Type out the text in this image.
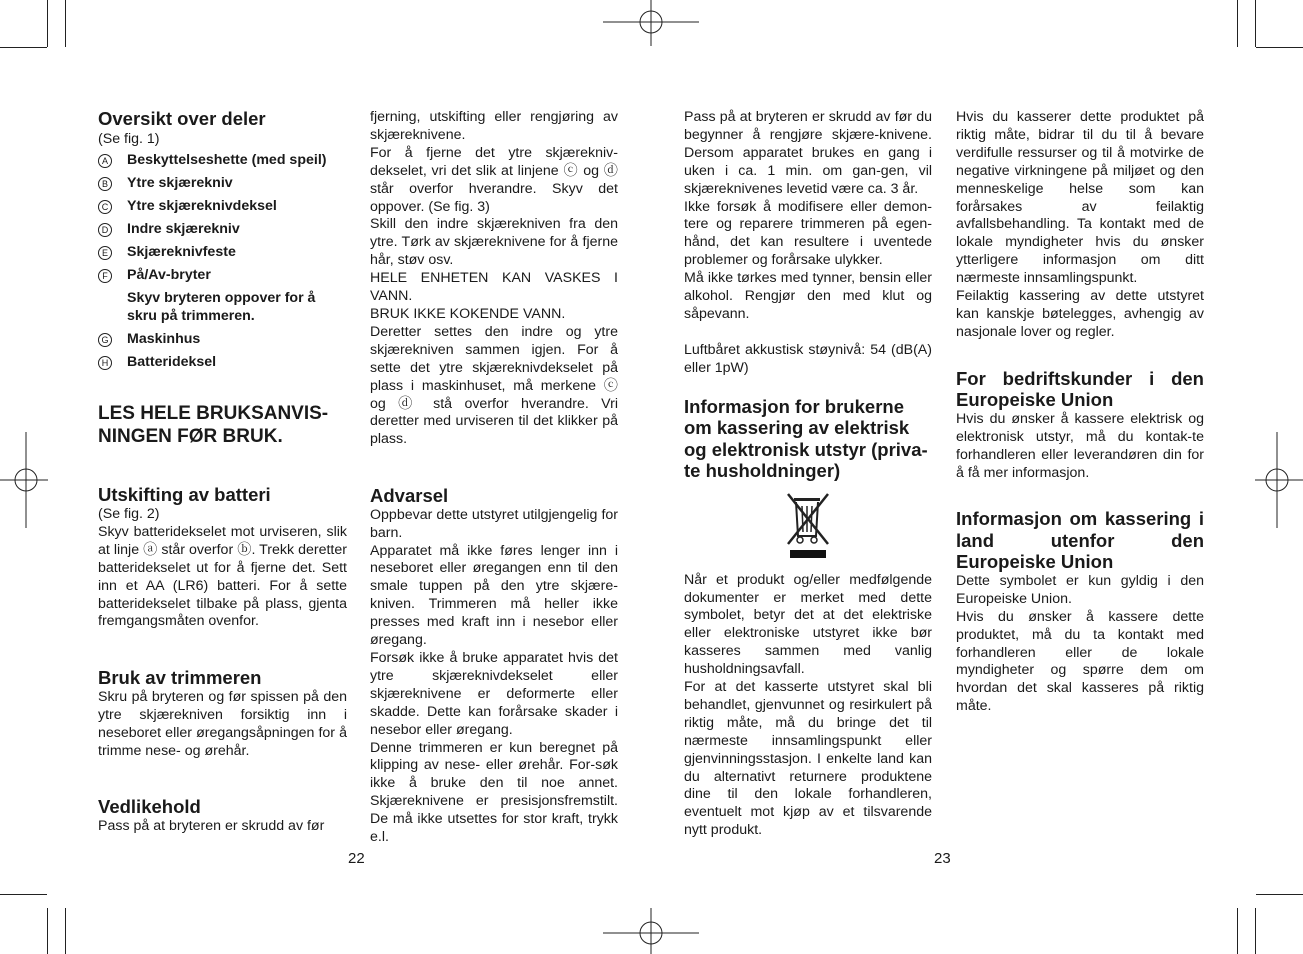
Oversikt over deler

(Se fig. 1)

A	Beskyttelseshette (med speil)
B	Ytre skjærekniv
C	Ytre skjæreknivdeksel
D	Indre skjærekniv
E	Skjæreknivfeste
F	På/Av-bryter
Skyv bryteren oppover for å skru på trimmeren.
G	Maskinhus
H	Batterideksel
LES HELE BRUKSANVIS-
NINGEN FØR BRUK.
Utskifting av batteri

(Se fig. 2)

Skyv batteridekselet mot urviseren, slik at linje ⓐ står overfor ⓑ. Trekk deretter batteridekselet ut for å fjerne det. Sett inn et AA (LR6) batteri. For å sette batteridekselet tilbake på plass, gjenta fremgangsmåten ovenfor.

Bruk av trimmeren

Skru på bryteren og før spissen på den ytre skjærekniven forsiktig inn i neseboret eller øregangsåpningen for å trimme nese- og ørehår.

Vedlikehold

Pass på at bryteren er skrudd av før

fjerning, utskifting eller rengjøring av skjæreknivene.

For å fjerne det ytre skjærekniv-dekselet, vri det slik at linjene ⓒ og ⓓ står overfor hverandre. Skyv det oppover. (Se fig. 3)

Skill den indre skjærekniven fra den ytre. Tørk av skjæreknivene for å fjerne hår, støv osv.

HELE ENHETEN KAN VASKES I VANN.

BRUK IKKE KOKENDE VANN.

Deretter settes den indre og ytre skjærekniven sammen igjen. For å sette det ytre skjæreknivdekselet på plass i maskinhuset, må merkene ⓒ og ⓓ stå overfor hverandre. Vri deretter med urviseren til det klikker på plass.

Advarsel

Oppbevar dette utstyret utilgjengelig for barn.

Apparatet må ikke føres lenger inn i neseboret eller øregangen enn til den smale tuppen på den ytre skjære-kniven. Trimmeren må heller ikke presses med kraft inn i nesebor eller øregang.

Forsøk ikke å bruke apparatet hvis det ytre skjæreknivdekselet eller skjæreknivene er deformerte eller skadde. Dette kan forårsake skader i nesebor eller øregang.

Denne trimmeren er kun beregnet på klipping av nese- eller ørehår. For-søk ikke å bruke den til noe annet. Skjæreknivene er presisjonsfremstilt. De må ikke utsettes for stor kraft, trykk e.l.

22

Pass på at bryteren er skrudd av før du begynner å rengjøre skjære-knivene. Dersom apparatet brukes en gang i uken i ca. 1 min. om gan-gen, vil skjæreknivenes levetid være ca. 3 år.

Ikke forsøk å modifisere eller demon-tere og reparere trimmeren på egen-hånd, det kan resultere i uventede problemer og forårsake ulykker.

Må ikke tørkes med tynner, bensin eller alkohol. Rengjør den med klut og såpevann.

Luftbåret akkustisk støynivå: 54 (dB(A) eller 1pW)

Informasjon for brukerne om kassering av elektrisk og elektronisk utstyr (priva-te husholdninger)

Når et produkt og/eller medfølgende dokumenter er merket med dette symbolet, betyr det at det elektriske eller elektroniske utstyret ikke bør kasseres sammen med vanlig husholdningsavfall.

For at det kasserte utstyret skal bli behandlet, gjenvunnet og resirkulert på riktig måte, må du bringe det til nærmeste innsamlingspunkt eller gjenvinningsstasjon. I enkelte land kan du alternativt returnere produktene dine til den lokale forhandleren, eventuelt mot kjøp av et tilsvarende nytt produkt.

Hvis du kasserer dette produktet på riktig måte, bidrar til du til å bevare verdifulle ressurser og til å motvirke de negative virkningene på miljøet og den menneskelige helse som kan forårsakes av feilaktig avfallsbehandling. Ta kontakt med de lokale myndigheter hvis du ønsker ytterligere informasjon om ditt nærmeste innsamlingspunkt.

Feilaktig kassering av dette utstyret kan kanskje bøtelegges, avhengig av nasjonale lover og regler.

For bedriftskunder i den Europeiske Union

Hvis du ønsker å kassere elektrisk og elektronisk utstyr, må du kontak-te forhandleren eller leverandøren din for å få mer informasjon.

Informasjon om kassering i land utenfor den Europeiske Union

Dette symbolet er kun gyldig i den Europeiske Union.

Hvis du ønsker å kassere dette produktet, må du ta kontakt med forhandleren eller de lokale myndigheter og spørre dem om hvordan det skal kasseres på riktig måte.

23
